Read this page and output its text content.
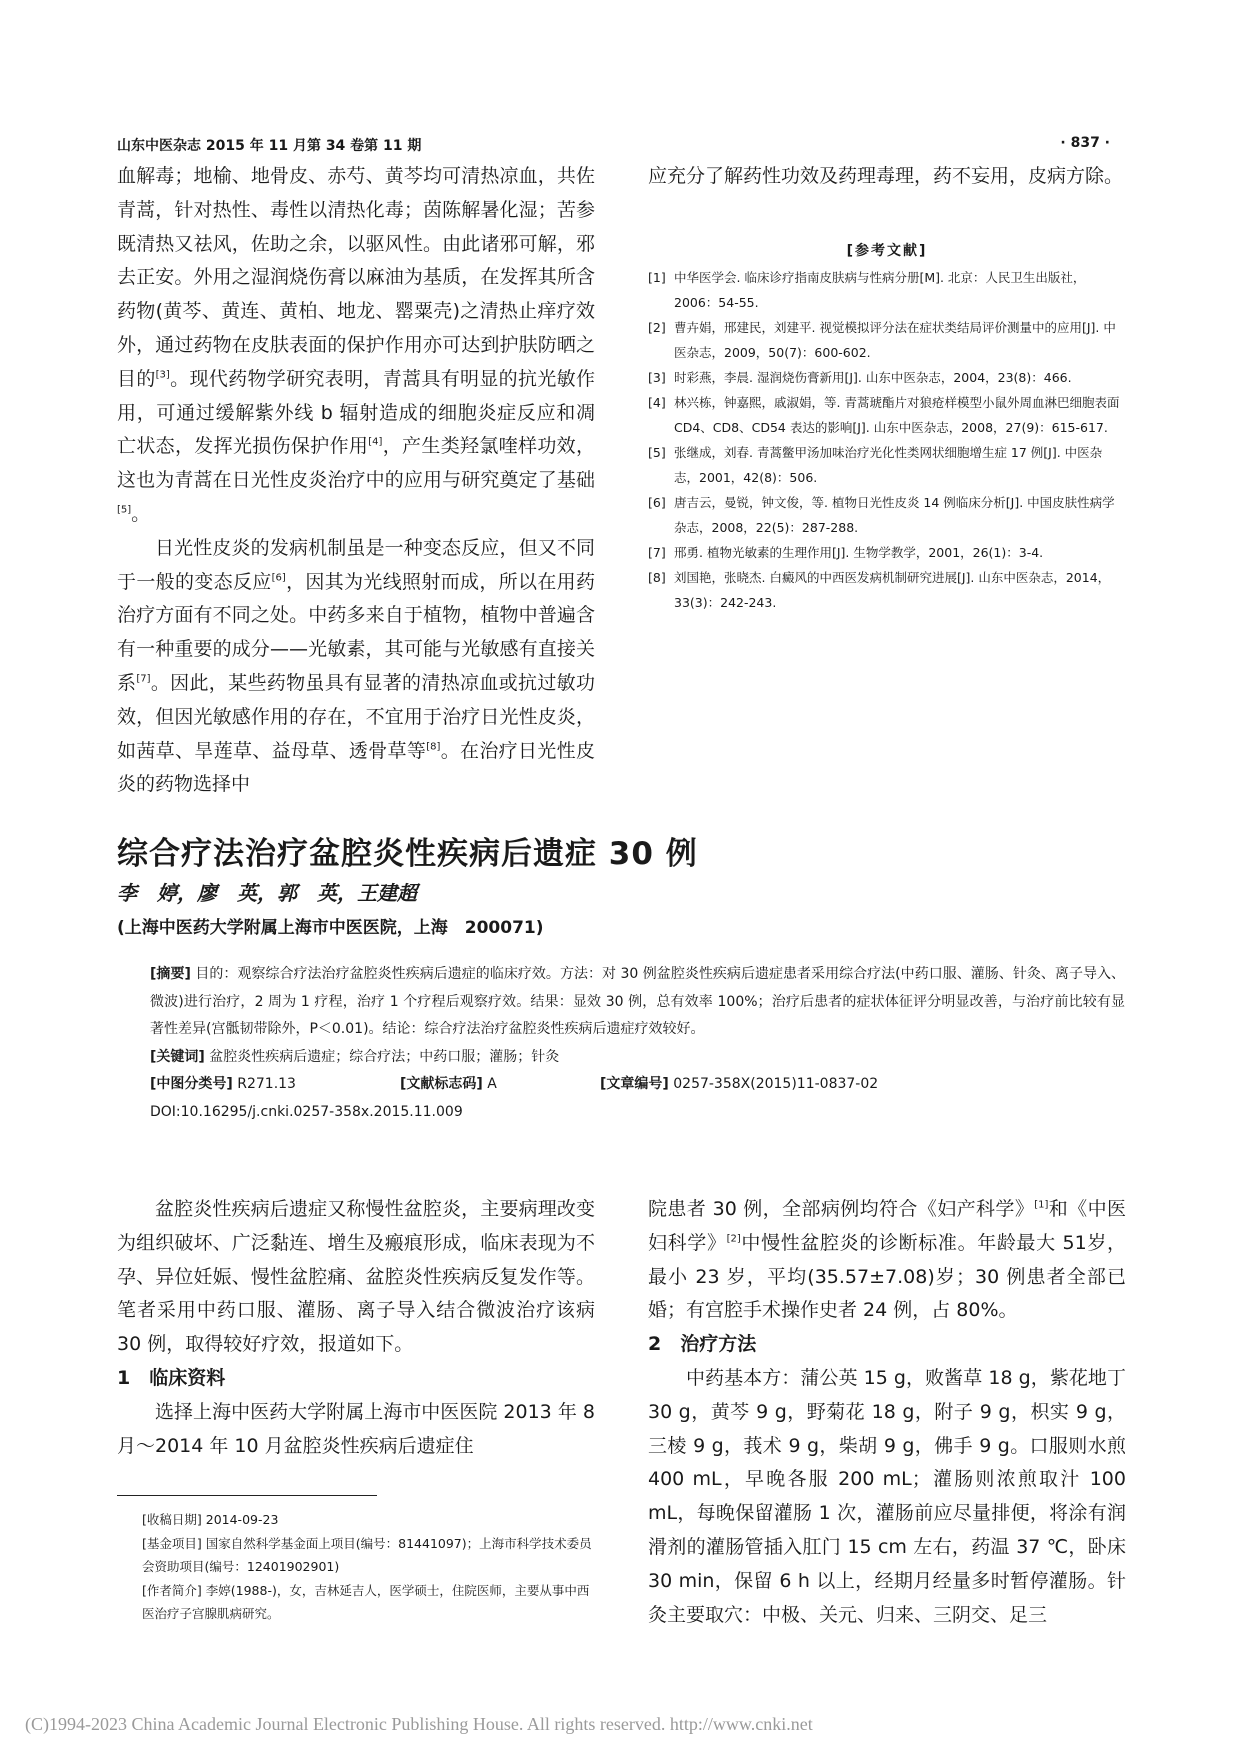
山东中医杂志 2015 年 11 月第 34 卷第 11 期	· 837 ·

血解毒；地榆、地骨皮、赤芍、黄芩均可清热凉血，共佐青蒿，针对热性、毒性以清热化毒；茵陈解暑化湿；苦参既清热又祛风，佐助之余，以驱风性。由此诸邪可解，邪去正安。外用之湿润烧伤膏以麻油为基质，在发挥其所含药物(黄芩、黄连、黄柏、地龙、罂粟壳)之清热止痒疗效外，通过药物在皮肤表面的保护作用亦可达到护肤防晒之目的[3]。现代药物学研究表明，青蒿具有明显的抗光敏作用，可通过缓解紫外线 b 辐射造成的细胞炎症反应和凋亡状态，发挥光损伤保护作用[4]，产生类羟氯喹样功效，这也为青蒿在日光性皮炎治疗中的应用与研究奠定了基础[5]。

日光性皮炎的发病机制虽是一种变态反应，但又不同于一般的变态反应[6]，因其为光线照射而成，所以在用药治疗方面有不同之处。中药多来自于植物，植物中普遍含有一种重要的成分——光敏素，其可能与光敏感有直接关系[7]。因此，某些药物虽具有显著的清热凉血或抗过敏功效，但因光敏感作用的存在，不宜用于治疗日光性皮炎，如茜草、旱莲草、益母草、透骨草等[8]。在治疗日光性皮炎的药物选择中

应充分了解药性功效及药理毒理，药不妄用，皮病方除。

[参考文献]
[1] 中华医学会. 临床诊疗指南皮肤病与性病分册[M]. 北京：人民卫生出版社，2006：54-55.
[2] 曹卉娟，邢建民，刘建平. 视觉模拟评分法在症状类结局评价测量中的应用[J]. 中医杂志，2009，50(7)：600-602.
[3] 时彩燕，李晨. 湿润烧伤膏新用[J]. 山东中医杂志，2004，23(8)：466.
[4] 林兴栋，钟嘉熙，戚淑娟，等. 青蒿琥酯片对狼疮样模型小鼠外周血淋巴细胞表面 CD4、CD8、CD54 表达的影响[J]. 山东中医杂志，2008，27(9)：615-617.
[5] 张继成，刘春. 青蒿鳖甲汤加味治疗光化性类网状细胞增生症 17 例[J]. 中医杂志，2001，42(8)：506.
[6] 唐吉云，曼锐，钟文俊，等. 植物日光性皮炎 14 例临床分析[J]. 中国皮肤性病学杂志，2008，22(5)：287-288.
[7] 邢勇. 植物光敏素的生理作用[J]. 生物学教学，2001，26(1)：3-4.
[8] 刘国艳，张晓杰. 白癜风的中西医发病机制研究进展[J]. 山东中医杂志，2014，33(3)：242-243.
综合疗法治疗盆腔炎性疾病后遗症 30 例
李　婷，廖　英，郭　英，王建超
(上海中医药大学附属上海市中医医院，上海　200071)

[摘要] 目的：观察综合疗法治疗盆腔炎性疾病后遗症的临床疗效。方法：对 30 例盆腔炎性疾病后遗症患者采用综合疗法(中药口服、灌肠、针灸、离子导入、微波)进行治疗，2 周为 1 疗程，治疗 1 个疗程后观察疗效。结果：显效 30 例，总有效率 100%；治疗后患者的症状体征评分明显改善，与治疗前比较有显著性差异(宫骶韧带除外，P＜0.01)。结论：综合疗法治疗盆腔炎性疾病后遗症疗效较好。

[关键词] 盆腔炎性疾病后遗症；综合疗法；中药口服；灌肠；针灸

[中图分类号] R271.13	[文献标志码] A	[文章编号] 0257-358X(2015)11-0837-02

DOI:10.16295/j.cnki.0257-358x.2015.11.009

盆腔炎性疾病后遗症又称慢性盆腔炎，主要病理改变为组织破坏、广泛黏连、增生及瘢痕形成，临床表现为不孕、异位妊娠、慢性盆腔痛、盆腔炎性疾病反复发作等。笔者采用中药口服、灌肠、离子导入结合微波治疗该病 30 例，取得较好疗效，报道如下。

1　临床资料

选择上海中医药大学附属上海市中医医院 2013 年 8 月～2014 年 10 月盆腔炎性疾病后遗症住

[收稿日期] 2014-09-23

[基金项目] 国家自然科学基金面上项目(编号：81441097)；上海市科学技术委员会资助项目(编号：12401902901)

[作者简介] 李婷(1988-)，女，吉林延吉人，医学硕士，住院医师，主要从事中西医治疗子宫腺肌病研究。

院患者 30 例，全部病例均符合《妇产科学》[1]和《中医妇科学》[2]中慢性盆腔炎的诊断标准。年龄最大 51岁，最小 23 岁，平均(35.57±7.08)岁；30 例患者全部已婚；有宫腔手术操作史者 24 例，占 80%。

2　治疗方法

中药基本方：蒲公英 15 g，败酱草 18 g，紫花地丁 30 g，黄芩 9 g，野菊花 18 g，附子 9 g，枳实 9 g，三棱 9 g，莪术 9 g，柴胡 9 g，佛手 9 g。口服则水煎 400 mL，早晚各服 200 mL；灌肠则浓煎取汁 100 mL，每晚保留灌肠 1 次，灌肠前应尽量排便，将涂有润滑剂的灌肠管插入肛门 15 cm 左右，药温 37 ℃，卧床 30 min，保留 6 h 以上，经期月经量多时暂停灌肠。针灸主要取穴：中极、关元、归来、三阴交、足三

(C)1994-2023 China Academic Journal Electronic Publishing House. All rights reserved. http://www.cnki.net
